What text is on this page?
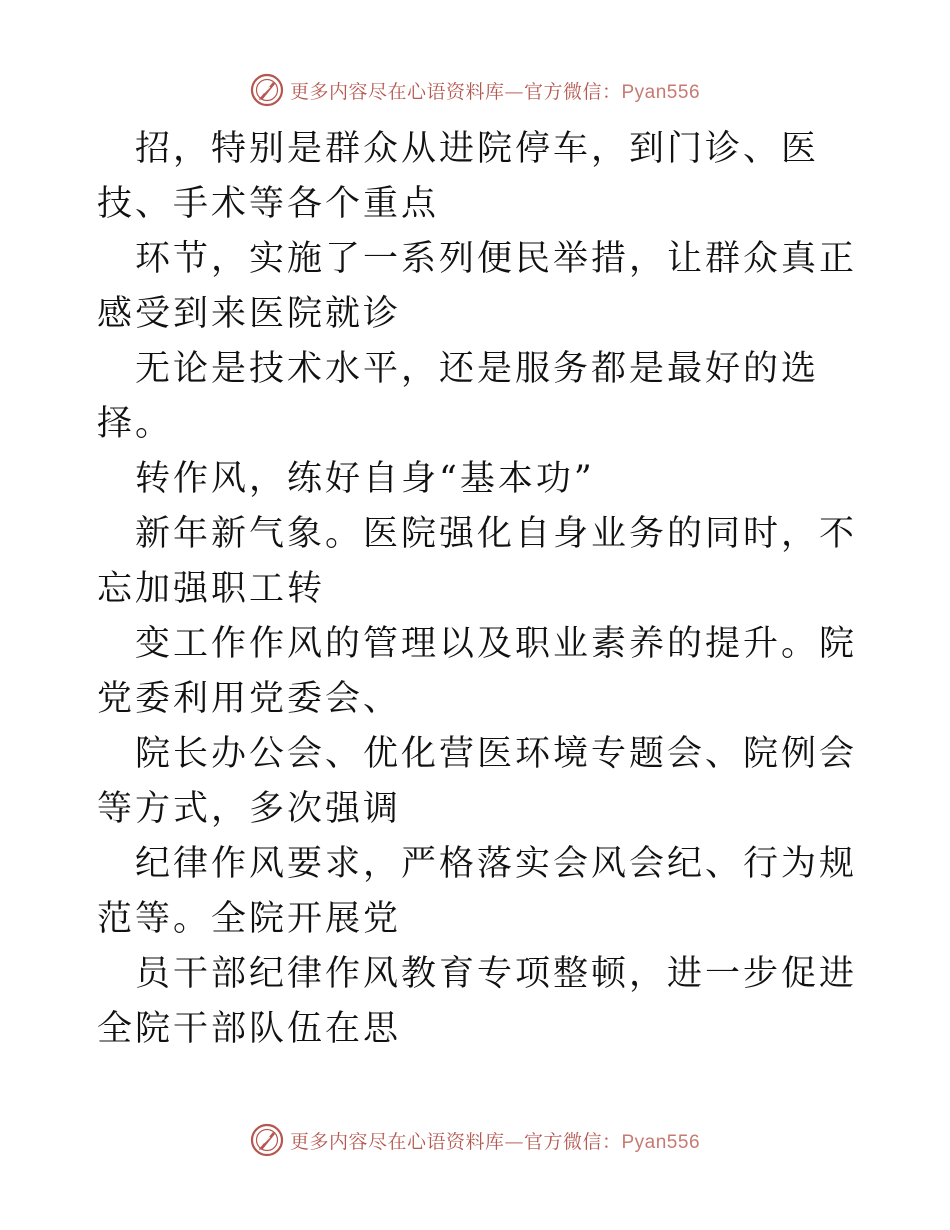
更多内容尽在心语资料库—官方微信：Pyan556

招，特别是群众从进院停车，到门诊、医技、手术等各个重点

环节，实施了一系列便民举措，让群众真正感受到来医院就诊

无论是技术水平，还是服务都是最好的选择。

转作风，练好自身“基本功”

新年新气象。医院强化自身业务的同时，不忘加强职工转

变工作作风的管理以及职业素养的提升。院党委利用党委会、

院长办公会、优化营医环境专题会、院例会等方式，多次强调

纪律作风要求，严格落实会风会纪、行为规范等。全院开展党

员干部纪律作风教育专项整顿，进一步促进全院干部队伍在思

更多内容尽在心语资料库—官方微信：Pyan556
